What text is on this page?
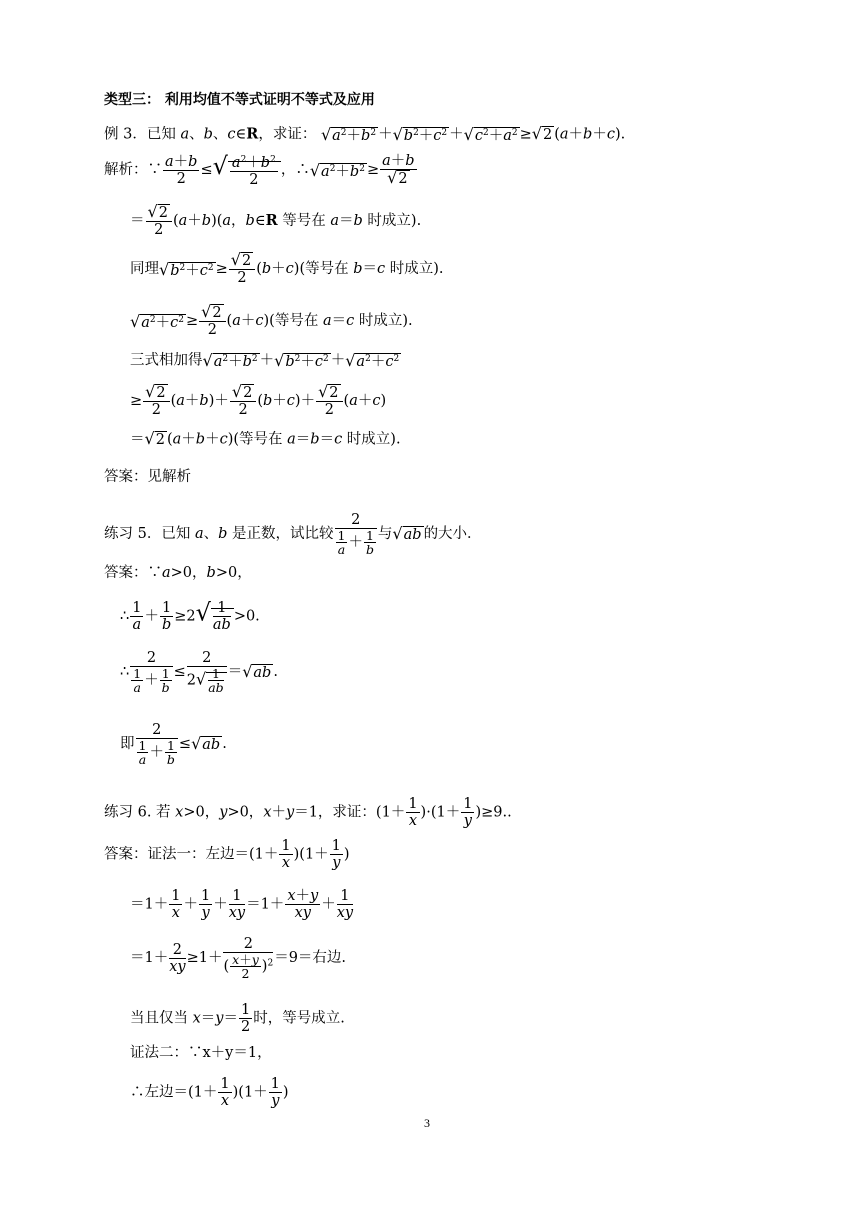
类型三： 利用均值不等式证明不等式及应用
例 3．已知 a、b、c∈R，求证： $√a^2+b^2 +√b^2+c^2 +√c^2+a^2 \ge√2$ (a＋b＋c).
解析：∵ $\frac{a+b}{2}$ ≤√ $\frac{a^2+b^2}{2}$ ，$\therefore√a^2+b^2 \ge \frac{a+b}{√2}$
＝ $\frac{√2}{2} (a+b)(a$，b∈R 等号在 a＝b 时成立).
同理$√b^2+c^2 \ge \frac{√2}{2} (b+c)$(等号在 b＝c 时成立).
$√a^2+c^2 \ge \frac{√2}{2} (a+c)$(等号在 a＝c 时成立).
三式相加得$√a^2+b^2 +√b^2+c^2 +√a^2+c^2$
≥ $\frac{√2}{2} (a+b)+ \frac{√2}{2} (b+c)+ \frac{√2}{2} (a+c)$
＝√2 (a＋b＋c)(等号在 a＝b＝c 时成立).
答案：见解析
练习 5．已知 a、b 是正数，试比较 $\frac{2}{\frac{1}{a} + \frac{1}{b}}$ 与√ab 的大小．
答案：∵a>0，b>0，
∴ $\frac{1}{a} + \frac{1}{b} \ge 2√ \frac{1}{ab} >0$.
∴ $\frac{2}{\frac{1}{a} + \frac{1}{b}} \le \frac{2}{2√ \frac{1}{ab}} =√ab$ .
即 $\frac{2}{\frac{1}{a} + \frac{1}{b}} \le√ab$ .
练习 6. 若 x>0，y>0，x＋y＝1，求证：$(1+ \frac{1}{x} )\cdot(1+ \frac{1}{y} )\ge 9$..
答案：证法一：左边$=(1+ \frac{1}{x} )(1+ \frac{1}{y}$ )
$=1+ \frac{1}{x} + \frac{1}{y} + \frac{1}{xy} =1+ \frac{x+y}{xy} + \frac{1}{xy}$
$=1+ \frac{2}{xy} \ge 1+ \frac{2}{( \frac{x+y}{2} )^2} =9=$右边.
当且仅当 $x=y= \frac{1}{2}$ 时，等号成立.
证法二：∵x＋y＝1，
∴左边$=(1+ \frac{1}{x} )(1+ \frac{1}{y}$ )
3
